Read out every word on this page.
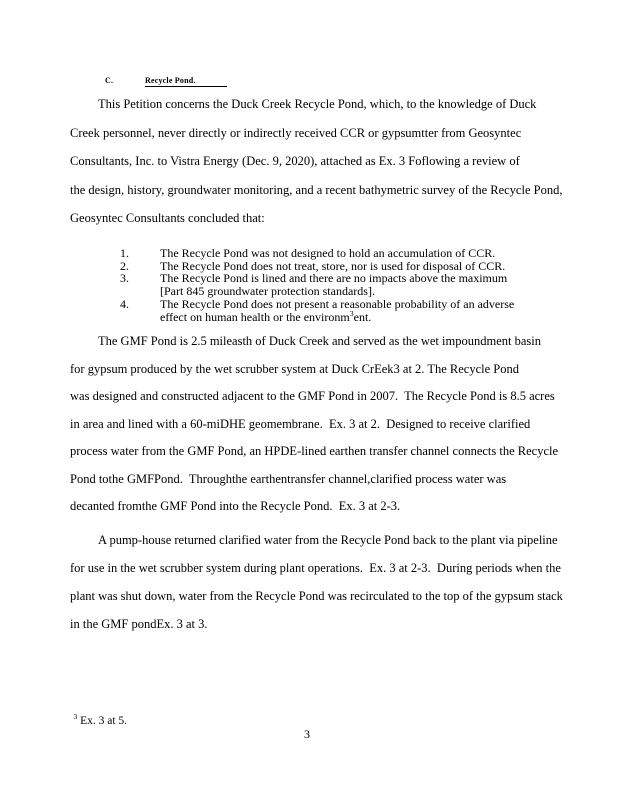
C.	Recycle Pond.
This Petition concerns the Duck Creek Recycle Pond, which, to the knowledge of Duck
Creek personnel, never directly or indirectly received CCR or gypsumtter from Geosyntec
Consultants, Inc. to Vistra Energy (Dec. 9, 2020), attached as Ex. 3 Foflowing a review of
the design, history, groundwater monitoring, and a recent bathymetric survey of the Recycle Pond,
Geosyntec Consultants concluded that:

1.	The Recycle Pond was not designed to hold an accumulation of CCR.

2.	The Recycle Pond does not treat, store, nor is used for disposal of CCR.

3.	The Recycle Pond is lined and there are no impacts above the maximum

[Part 845 groundwater protection standards].

4.	The Recycle Pond does not present a reasonable probability of an adverse

effect on human health or the environm$^3$ent.

The GMF Pond is 2.5 mileasth of Duck Creek and served as the wet impoundment basin
for gypsum produced by the wet scrubber system at Duck CrEek3 at 2. The Recycle Pond
was designed and constructed adjacent to the GMF Pond in 2007.  The Recycle Pond is 8.5 acres
in area and lined with a 60-miDHE geomembrane.  Ex. 3 at 2.  Designed to receive clarified
process water from the GMF Pond, an HPDE-lined earthen transfer channel connects the Recycle
Pond tothe GMFPond.  Throughthe earthentransfer channel,clarified process water was
decanted fromthe GMF Pond into the Recycle Pond.  Ex. 3 at 2-3.
A pump-house returned clarified water from the Recycle Pond back to the plant via pipeline
for use in the wet scrubber system during plant operations.  Ex. 3 at 2-3.  During periods when the
plant was shut down, water from the Recycle Pond was recirculated to the top of the gypsum stack
in the GMF pondEx. 3 at 3.

$^3$ Ex. 3 at 5.

3
